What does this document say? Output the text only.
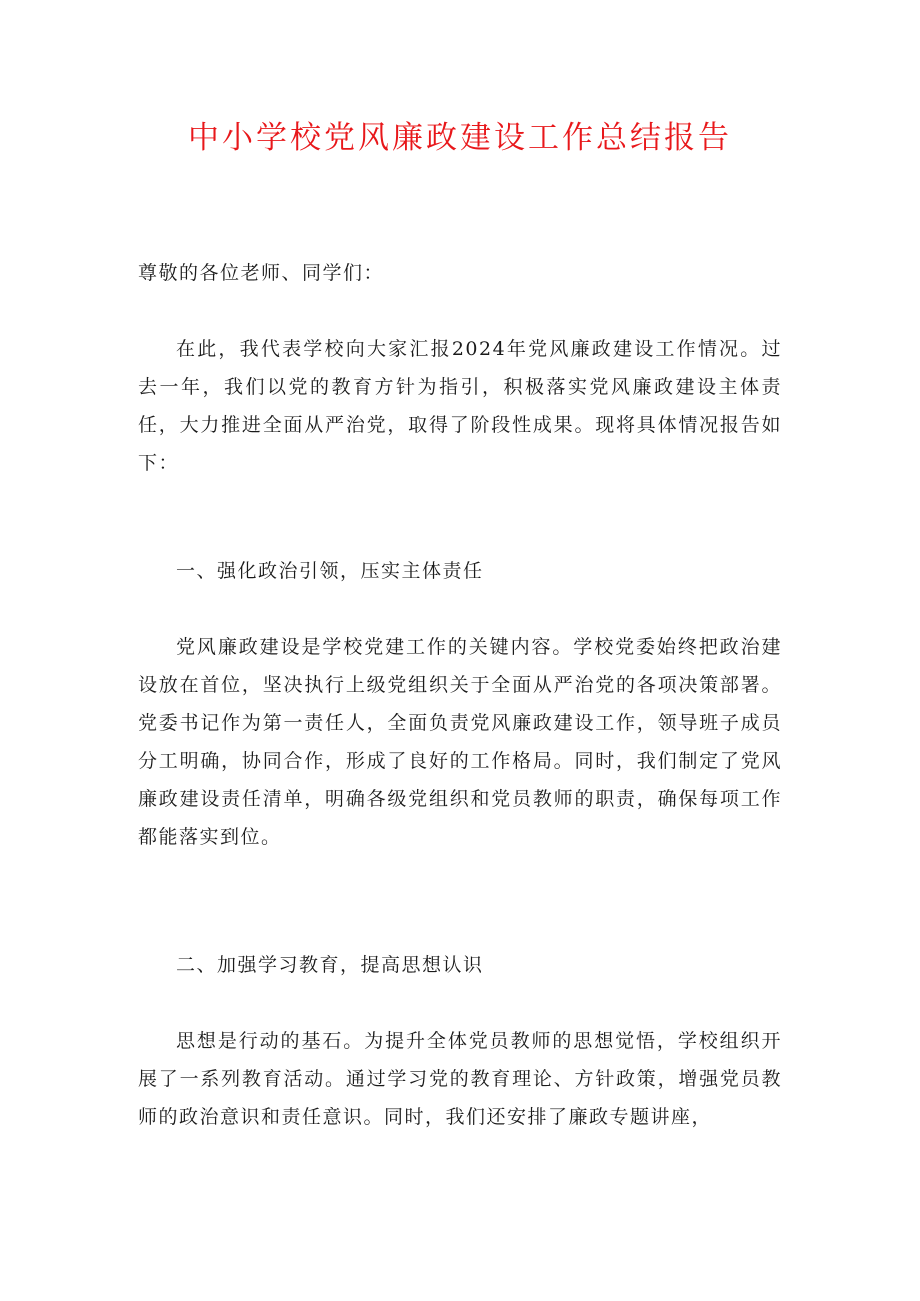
中小学校党风廉政建设工作总结报告

尊敬的各位老师、同学们：

在此，我代表学校向大家汇报2024年党风廉政建设工作情况。过去一年，我们以党的教育方针为指引，积极落实党风廉政建设主体责任，大力推进全面从严治党，取得了阶段性成果。现将具体情况报告如下：

一、强化政治引领，压实主体责任

党风廉政建设是学校党建工作的关键内容。学校党委始终把政治建设放在首位，坚决执行上级党组织关于全面从严治党的各项决策部署。党委书记作为第一责任人，全面负责党风廉政建设工作，领导班子成员分工明确，协同合作，形成了良好的工作格局。同时，我们制定了党风廉政建设责任清单，明确各级党组织和党员教师的职责，确保每项工作都能落实到位。

二、加强学习教育，提高思想认识

思想是行动的基石。为提升全体党员教师的思想觉悟，学校组织开展了一系列教育活动。通过学习党的教育理论、方针政策，增强党员教师的政治意识和责任意识。同时，我们还安排了廉政专题讲座，
